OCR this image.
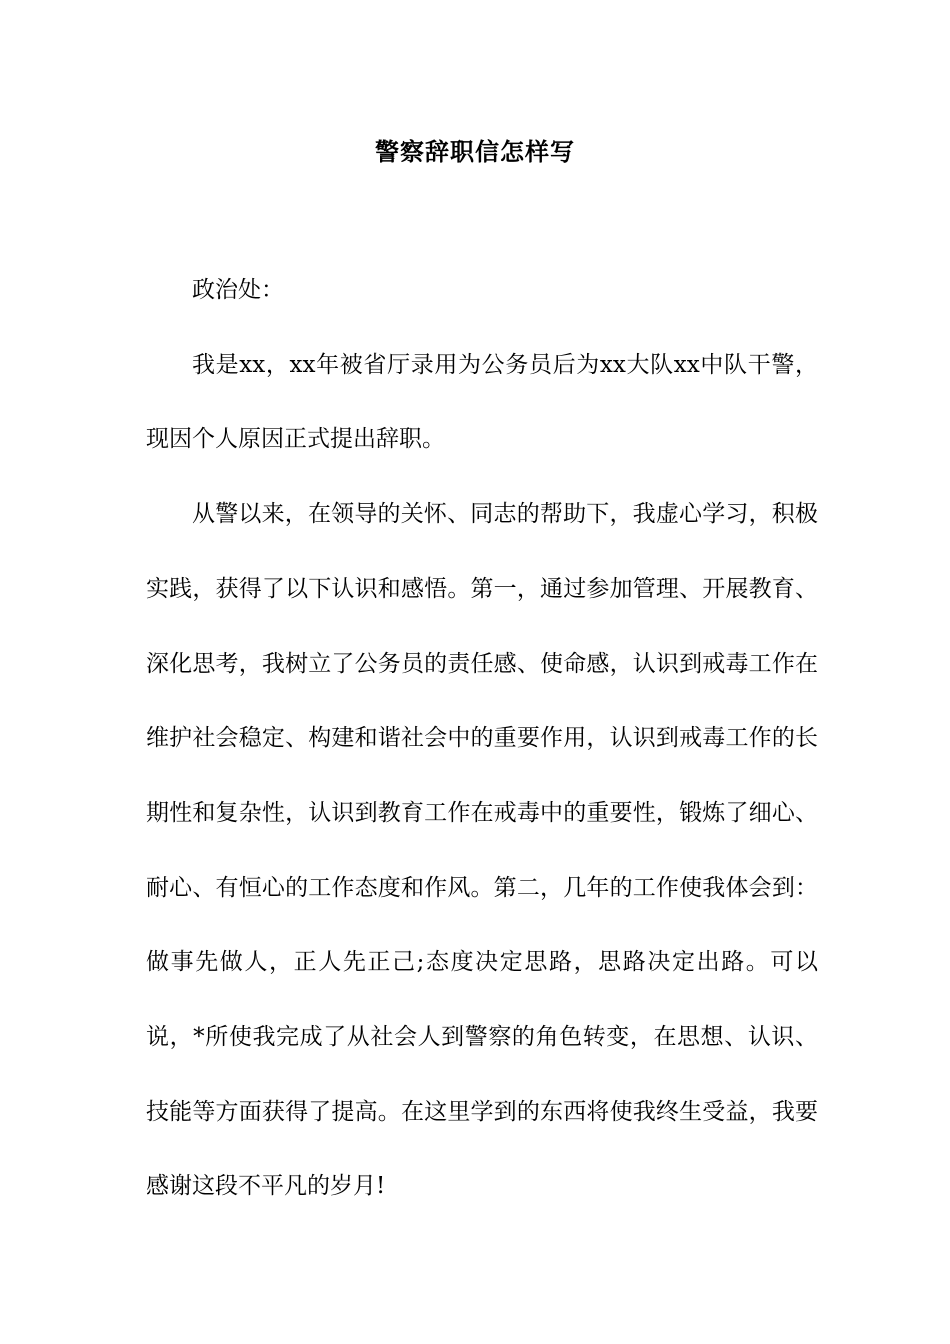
警察辞职信怎样写

政治处：

我是xx，xx年被省厅录用为公务员后为xx大队xx中队干警，现因个人原因正式提出辞职。

从警以来，在领导的关怀、同志的帮助下，我虚心学习，积极实践，获得了以下认识和感悟。第一，通过参加管理、开展教育、深化思考，我树立了公务员的责任感、使命感，认识到戒毒工作在维护社会稳定、构建和谐社会中的重要作用，认识到戒毒工作的长期性和复杂性，认识到教育工作在戒毒中的重要性，锻炼了细心、耐心、有恒心的工作态度和作风。第二，几年的工作使我体会到：做事先做人，正人先正己;态度决定思路，思路决定出路。可以说，*所使我完成了从社会人到警察的角色转变，在思想、认识、技能等方面获得了提高。在这里学到的东西将使我终生受益，我要感谢这段不平凡的岁月!
